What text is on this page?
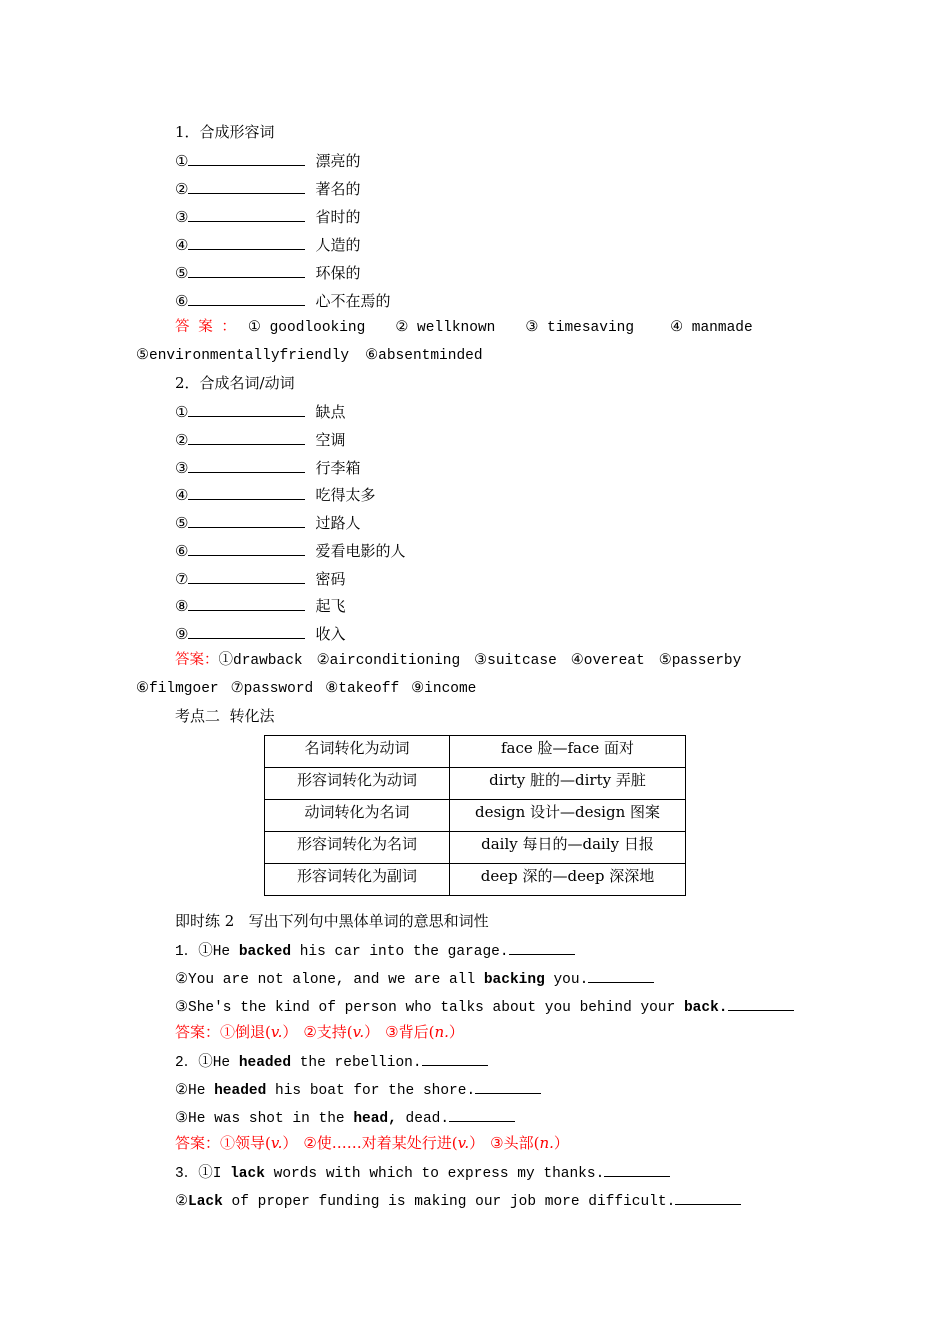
1．合成形容词
①	漂亮的
②	著名的
③	省时的
④	人造的
⑤	环保的
⑥	心不在焉的
答 案 ： ① goodlooking ② wellknown ③ timesaving ④ manmade
⑤environmentallyfriendly ⑥absentminded
2．合成名词/动词
①	缺点
②	空调
③	行李箱
④	吃得太多
⑤	过路人
⑥	爱看电影的人
⑦	密码
⑧	起飞
⑨	收入
答案：①drawback ②airconditioning ③suitcase ④overeat ⑤passerby
⑥filmgoer ⑦password ⑧takeoff ⑨income
考点二  转化法
名词转化为动词	face 脸—face 面对
形容词转化为动词	dirty 脏的—dirty 弄脏
动词转化为名词	design 设计—design 图案
形容词转化为名词	daily 每日的—daily 日报
形容词转化为副词	deep 深的—deep 深深地
即时练 2   写出下列句中黑体单词的意思和词性
1．①He backed his car into the garage.
②You are not alone, and we are all backing you.
③She's the kind of person who talks about you behind your back.
答案：①倒退(v.） ②支持(v.） ③背后(n.）
2．①He headed the rebellion.
②He headed his boat for the shore.
③He was shot in the head, dead.
答案：①领导(v.） ②使……对着某处行进(v.） ③头部(n.）
3．①I lack words with which to express my thanks.
②Lack of proper funding is making our job more difficult.
